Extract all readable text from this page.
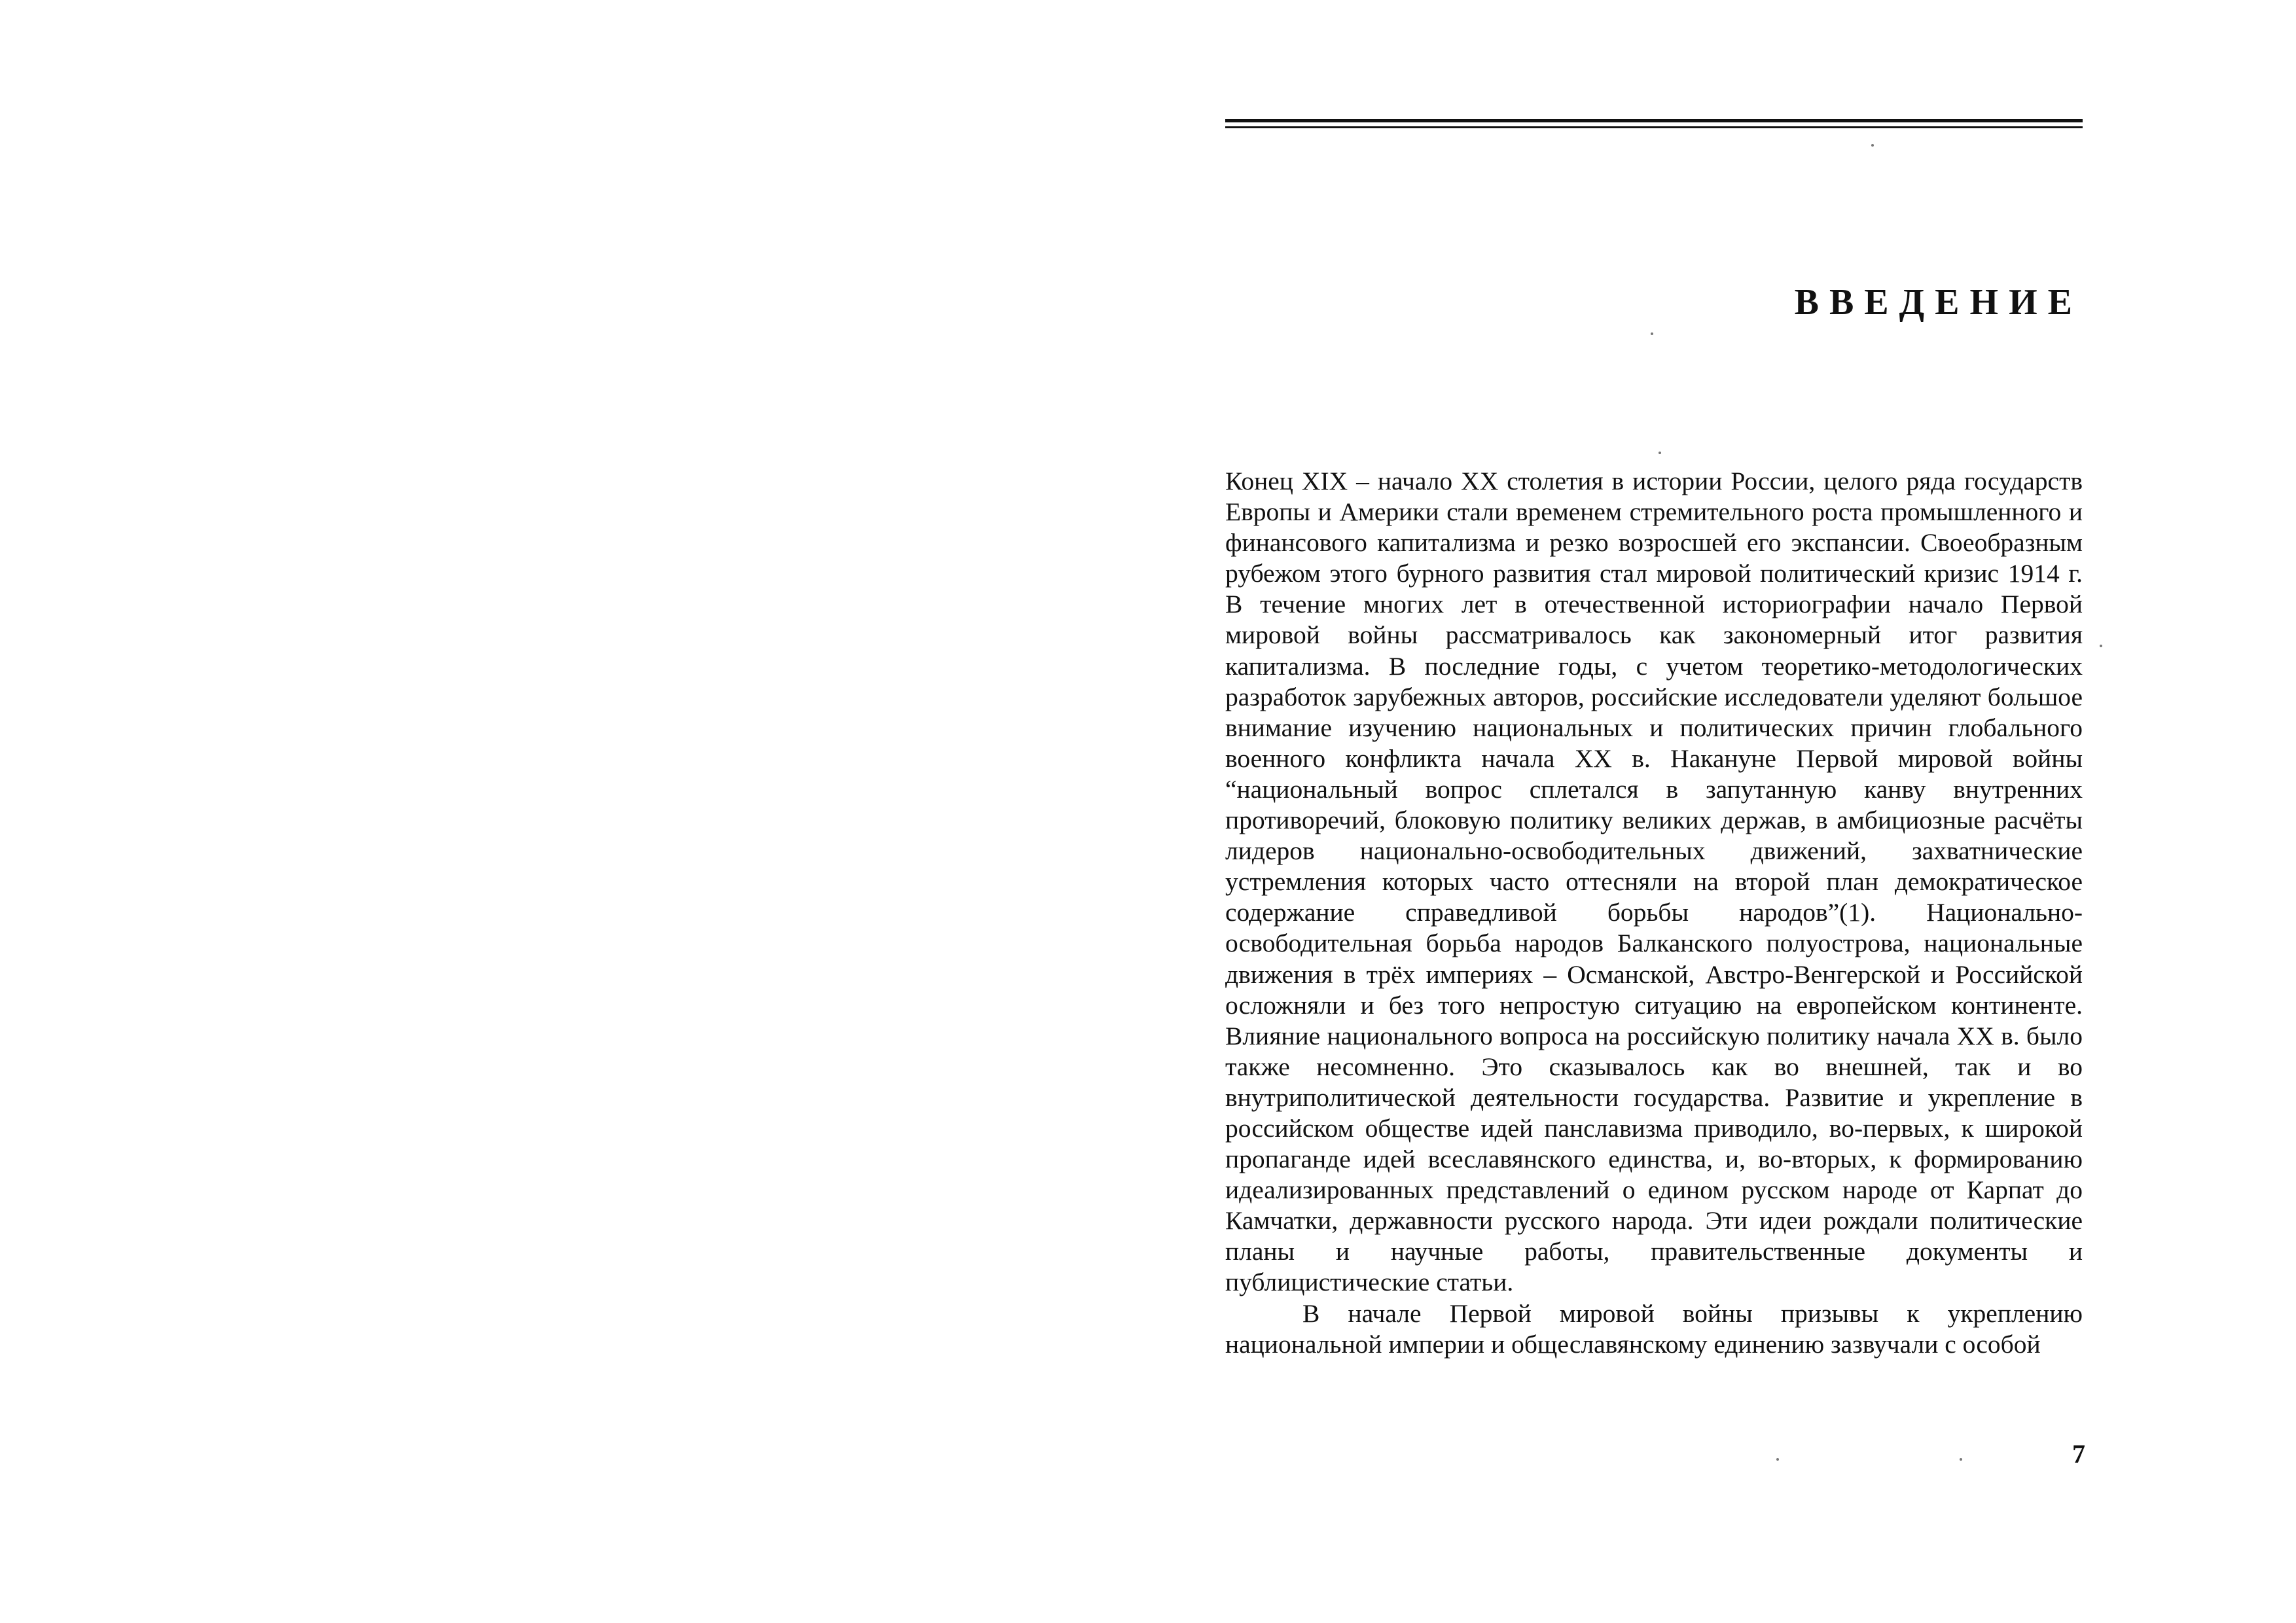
ВВЕДЕНИЕ

Конец XIX – начало XX столетия в истории России, целого ряда государств Европы и Америки стали временем стремительного роста промышленного и финансового капитализма и резко возросшей его экспансии. Своеобразным рубежом этого бурного развития стал мировой политический кризис 1914 г. В течение многих лет в отечественной историографии начало Первой мировой войны рассматривалось как закономерный итог развития капитализма. В последние годы, с учетом теоретико-методологических разработок зарубежных авторов, российские исследователи уделяют большое внимание изучению национальных и политических причин глобального военного конфликта начала XX в. Накануне Первой мировой войны “национальный вопрос сплетался в запутанную канву внутренних противоречий, блоковую политику великих держав, в амбициозные расчёты лидеров национально-освободительных движений, захватнические устремления которых часто оттесняли на второй план демократическое содержание справедливой борьбы народов”(1). Национально-освободительная борьба народов Балканского полуострова, национальные движения в трёх империях – Османской, Австро-Венгерской и Российской осложняли и без того непростую ситуацию на европейском континенте. Влияние национального вопроса на российскую политику начала XX в. было также несомненно. Это сказывалось как во внешней, так и во внутриполитической деятельности государства. Развитие и укрепление в российском обществе идей панславизма приводило, во-первых, к широкой пропаганде идей всеславянского единства, и, во-вторых, к формированию идеализированных представлений о едином русском народе от Карпат до Камчатки, державности русского народа. Эти идеи рождали политические планы и научные работы, правительственные документы и публицистические статьи.

В начале Первой мировой войны призывы к укреплению национальной империи и общеславянскому единению зазвучали с особой

7
